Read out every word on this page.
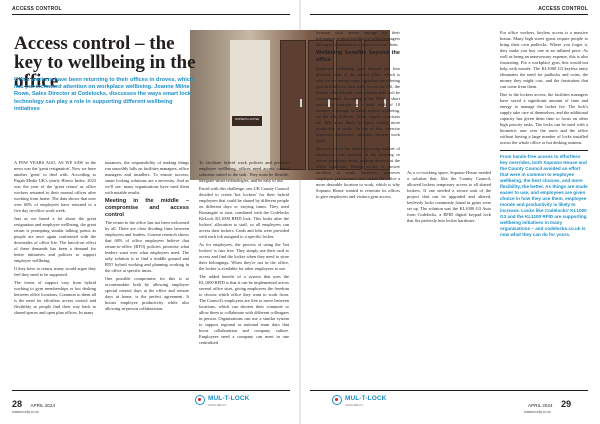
ACCESS CONTROL	ACCESS CONTROL
NOPERS HOUSE
Access control – the key to wellbeing in the office
Office workers have been returning to their offices in droves, which has put increased attention on workplace wellbeing. Joanne Milne-Rowe, Sales Director at Codelocks, discusses the ways smart lock technology can play a role in supporting different wellbeing initiatives

A FEW YEARS AGO, AS WE SAW in the news was the 'great resignation'. Now we have another 'great' to deal with. According to Pegah Media UK's yearly Hireco Index, 2023 was the year of the 'great return' as office workers returned to their normal offices after working from home. The data shows that now over 60% of employees have returned to a five day in-office work week.

Just as we heard a lot about the great resignation and employee wellbeing, the great return is prompting similar talking points as people are once again confronted with the downsides of office life. The knock-on effect of these demands has been a demand for better initiatives and policies to support employee wellbeing.

If they have to return, many would argue they feel they need to be supported.

The forms of support vary from hybrid working to gym memberships or hot desking between office locations. Common to them all is the need for effortless access control and flexibility as people find their way back to shared spaces and open plan offices. In many

instances, the responsibility of making things run smoothly falls on facilities managers, office managers and installers. To ensure success, smart locking solutions are a necessity. And as we'll see, many organisations have used them with notable results.

Meeting in the middle – compromise and access control

The return to the office has not been welcomed by all. There are clear dividing lines between employees and leaders. Current research shows that 68% of office employees believe that return-to-office (RTO) policies prioritise what leaders want over what employees need. The only solution is to find a middle ground and RTO hybrid working and planning working in the office at specific times.

One possible compromise for this is to accommodate both by allowing employee special control days at the office and remote days at home, is the perfect agreement. It boosts employee productivity while also allowing in-person collaboration.

To facilitate hybrid work policies and preserve employee wellbeing, offices need access control solutions suited to the task. They must be flexible, integrate smart technologies, and be easy to use.

Faced with this challenge, one UK County Council decided to create 'hot lockers' for their hybrid employees that could be shared by different people on different days or varying times. They used Kinsangite to start, combined with the Codelocks KitLock KL1000 RFID lock. This looks after the lockers' allocation to staff, so all employees can access their lockers. Cards and fobs were provided with each fob assigned to a specific locker.

As for employees, the process of using the 'hot lockers' is fuss free. They simply use their card to access and find the locker when they need to store their belongings. When they're not in the office, the locker is available for other employees to use.

The added benefit of a system that uses the KL1000 RFID is that it can be implemented across several office sites, giving employees the freedom to choose which office they want to work from. The Council's employees are free to move between locations, which can shorten their commute or allow them to collaborate with different colleagues in person. Organisations can use a similar system to support regional or national team days that boost collaboration and company culture. Employees need a company can meet in one centralised

location with secure storage for their belongings without facilities or office managers having to coordinate new card access for them.

Wellbeing benefits beyond the office

Employee wellbeing goes beyond the four physical walls of the shared office, which is why we are seeing many organisations offering gym facilities for their staff. Across the UK, the benefit of health and work benefits that can't be overestimated. According to the NHS, a short stretch of exercise or a brisk walk of 10 minutes is enough to boost mental wellbeing, cut the risk of illness. While regular exercisers are 30% more likely to report feeling more productive at work. On top of this, exercise improves employees' attitudes towards work itself.

However, there has been a growing number of employees who exercise in the morning or before going into work, making showers at the office important. Having access to shower facilities at work, therefore, improves employee performance and makes the office a more desirable location to work, which is why Soprano House wanted to renovate its offices to give employees and visitors gym access.

As a co-working space, Soprano House needed a solution that, like the County Council, allowed lockers temporary access to all shared lockers. If one needed a secure unit of the project that can be upgraded and altered, keylessly locks commonly found in gyms were set up. The solution was the KL1000 G3 Auto from Codelocks, a RFID digital keypad lock that fits perfectly into locker hardware.

For office workers, keyless access is a massive bonus. Many high street gyms require people to bring their own padlocks. Where you forget it, they make you buy one at an inflated price. As well as being an unnecessary expense, this is also frustrating. For a workplace gym, this would not help with morale. The KL1000 G3 keyless entry eliminates the need for padlocks and coins, the money they might cost, and the frustration that can come from them.

Due to the lockers access, the facilities managers have saved a significant amount of time and energy to manage the locker fee. The lock's supply take care of themselves, and the additional capacity has given them time to focus on other high priority tasks. The locks can be used with a biometric user over the users and the office without having a large number of locks installed across the whole office or hot desking stations.

From hands-free access to effortless key overrides, both Soprano House and the County Council avoided an effort that were in common to employee wellbeing, the best choices, and more flexibility, the better. As things are made easier to use, and employees are given choice in how they use them, employee morale and productivity is likely to increase. Locks like Codelocks' KL1000 G3 and the KL1100 RFID are supporting wellbeing initiatives in many organisations – and codelocks.co.uk is now what they can do for yours.
28 APRIL 2024
totalsecurity.co.uk
APRIL 2024 29
totalsecurity.co.uk
MUL-T-LOCK
ASSA ABLOY
MUL-T-LOCK
ASSA ABLOY
